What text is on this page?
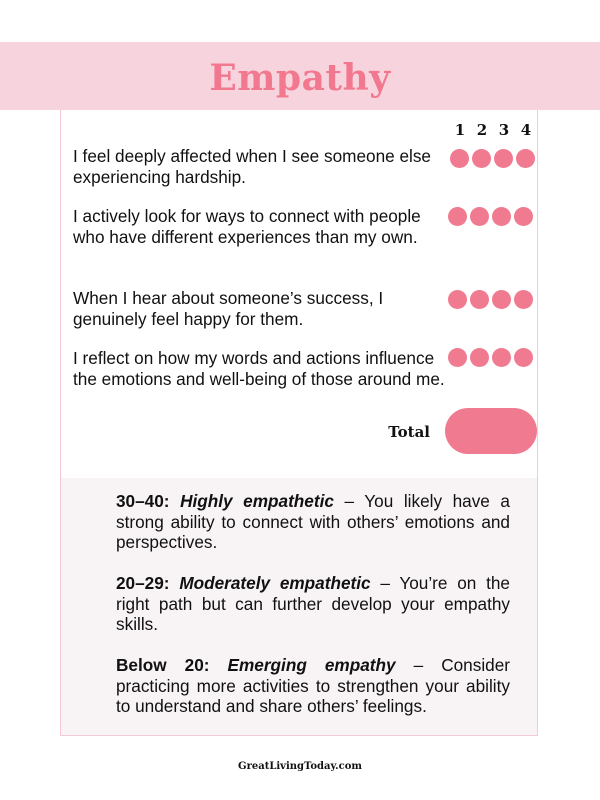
Empathy
1 2 3 4
I feel deeply affected when I see someone else experiencing hardship.
I actively look for ways to connect with people who have different experiences than my own.
When I hear about someone’s success, I genuinely feel happy for them.
I reflect on how my words and actions influence the emotions and well-being of those around me.
Total
30–40: Highly empathetic – You likely have a strong ability to connect with others’ emotions and perspectives.
20–29: Moderately empathetic – You’re on the right path but can further develop your empathy skills.
Below 20: Emerging empathy – Consider practicing more activities to strengthen your ability to understand and share others’ feelings.
GreatLivingToday.com
